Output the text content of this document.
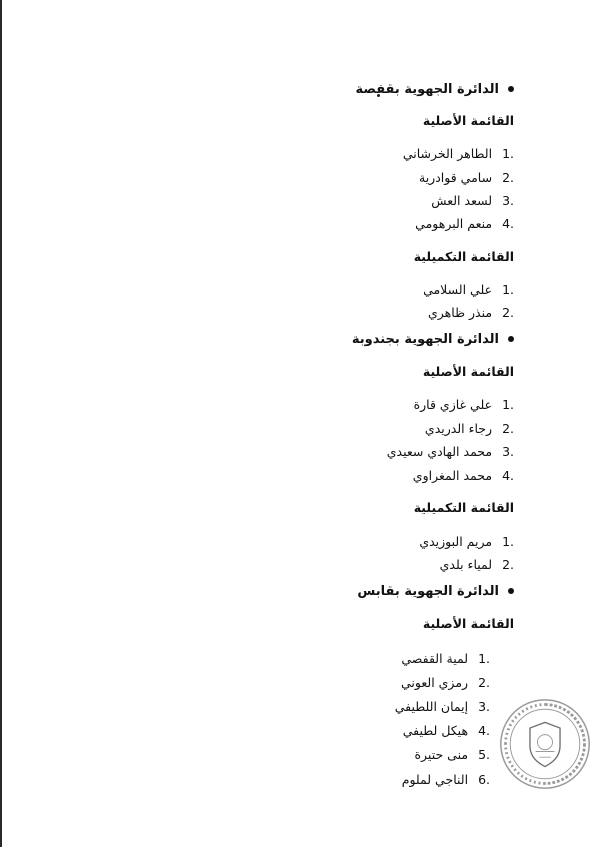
الدائرة الجهوية بقفصة
القائمة الأصلية
1.الطاهر الخرشاني
2.سامي قوادرية
3.لسعد العش
4.منعم البرهومي
القائمة التكميلية
1.علي السلامي
2.منذر ظاهري
الدائرة الجهوية بجندوبة
القائمة الأصلية
1.علي غازي قارة
2.رجاء الدريدي
3.محمد الهادي سعيدي
4.محمد المغراوي
القائمة التكميلية
1.مريم البوزيدي
2.لمياء بلدي
الدائرة الجهوية بقابس
القائمة الأصلية
1.لمية القفصي
2.رمزي العوني
3.إيمان اللطيفي
4.هيكل لطيفي
5.منى حتيرة
6.الناجي لملوم
